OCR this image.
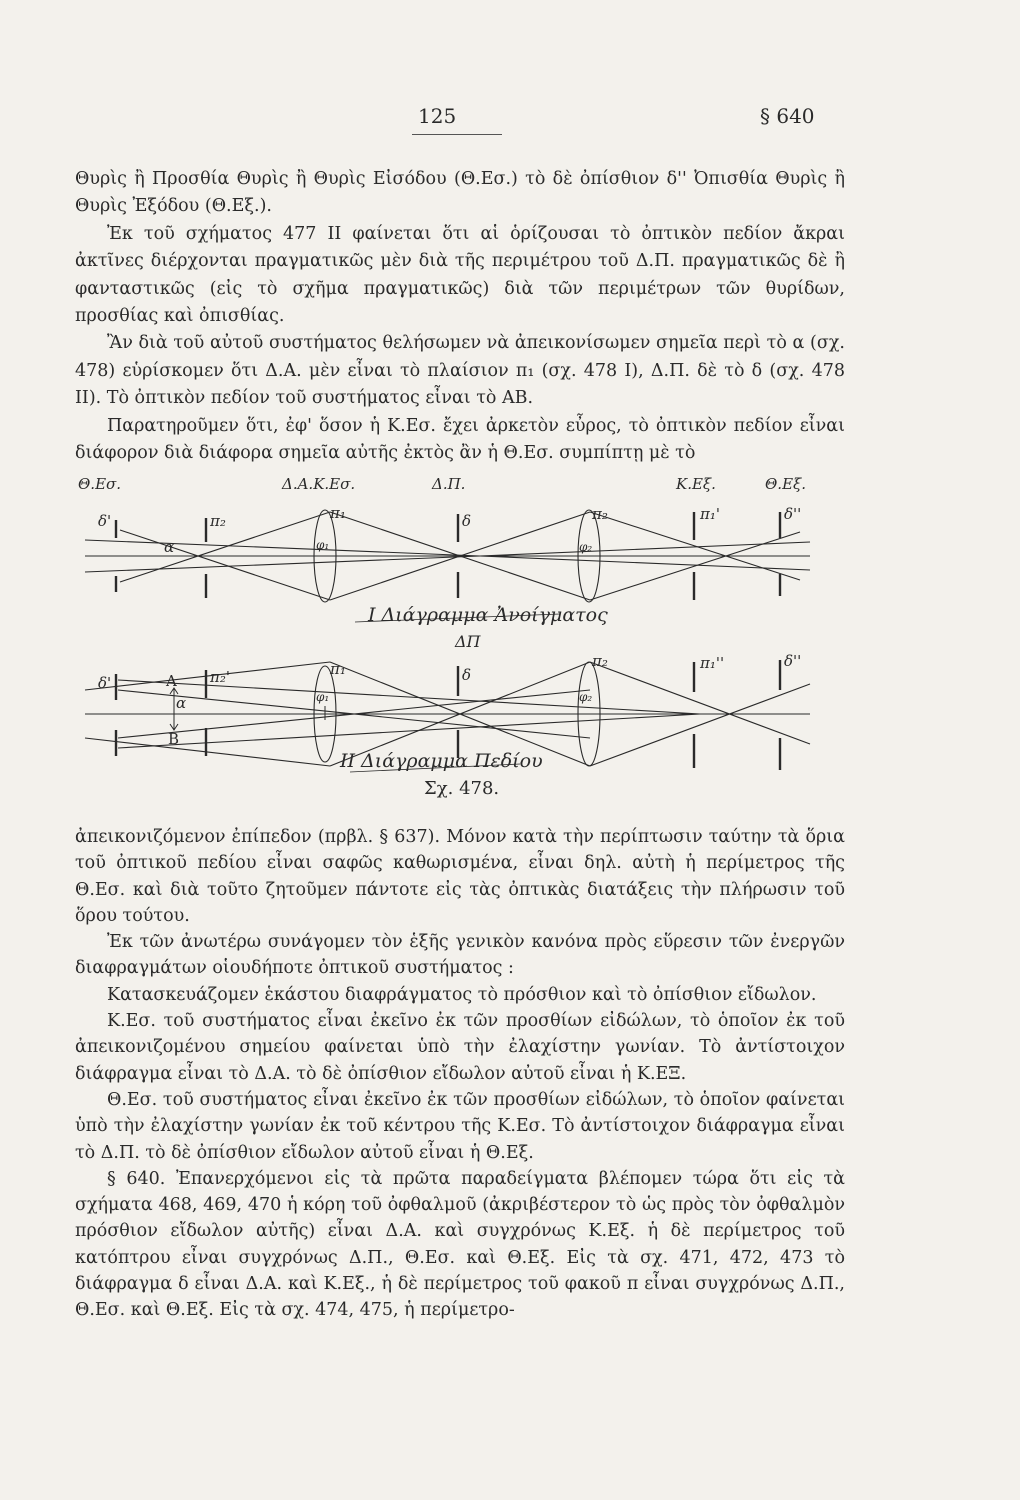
125	§ 640

Θυρὶς ἢ Προσθία Θυρὶς ἢ Θυρὶς Εἰσόδου (Θ.Εσ.) τὸ δὲ ὀπίσθιον δ'' Ὀπισθία Θυρὶς ἢ Θυρὶς Ἐξόδου (Θ.Εξ.).

Ἐκ τοῦ σχήματος 477 II φαίνεται ὅτι αἱ ὁρίζουσαι τὸ ὀπτικὸν πεδίον ἄκραι ἀκτῖνες διέρχονται πραγματικῶς μὲν διὰ τῆς περιμέτρου τοῦ Δ.Π. πραγματικῶς δὲ ἢ φανταστικῶς (εἰς τὸ σχῆμα πραγματικῶς) διὰ τῶν περιμέτρων τῶν θυρίδων, προσθίας καὶ ὀπισθίας.

Ἂν διὰ τοῦ αὐτοῦ συστήματος θελήσωμεν νὰ ἀπεικονίσωμεν σημεῖα περὶ τὸ α (σχ. 478) εὑρίσκομεν ὅτι Δ.Α. μὲν εἶναι τὸ πλαίσιον π₁ (σχ. 478 I), Δ.Π. δὲ τὸ δ (σχ. 478 II). Τὸ ὀπτικὸν πεδίον τοῦ συστήματος εἶναι τὸ ΑΒ.

Παρατηροῦμεν ὅτι, ἐφ' ὅσον ἡ Κ.Εσ. ἔχει ἀρκετὸν εὖρος, τὸ ὀπτικὸν πεδίον εἶναι διάφορον διὰ διάφορα σημεῖα αὐτῆς ἐκτὸς ἂν ἡ Θ.Εσ. συμπίπτῃ μὲ τὸ

Θ.Εσ.	Δ.Α.Κ.Εσ.	Δ.Π.	Κ.Εξ.	Θ.Εξ.
δ'	π₂	π₁	δ	π₂	π₁'	δ''
α	φ₁	φ₂
I Διάγραμμα Ἀνοίγματος
ΔΠ
δ'	π₂'	π₁	δ
π₂	π₁''	δ''
A
α
B
φ₁	φ₂
II Διάγραμμα Πεδίου
Σχ. 478.

ἀπεικονιζόμενον ἐπίπεδον (πρβλ. § 637). Μόνον κατὰ τὴν περίπτωσιν ταύτην τὰ ὅρια τοῦ ὀπτικοῦ πεδίου εἶναι σαφῶς καθωρισμένα, εἶναι δηλ. αὐτὴ ἡ περίμετρος τῆς Θ.Εσ. καὶ διὰ τοῦτο ζητοῦμεν πάντοτε εἰς τὰς ὀπτικὰς διατάξεις τὴν πλήρωσιν τοῦ ὅρου τούτου.

Ἐκ τῶν ἀνωτέρω συνάγομεν τὸν ἑξῆς γενικὸν κανόνα πρὸς εὕρεσιν τῶν ἐνεργῶν διαφραγμάτων οἱουδήποτε ὀπτικοῦ συστήματος :

Κατασκευάζομεν ἑκάστου διαφράγματος τὸ πρόσθιον καὶ τὸ ὀπίσθιον εἴδωλον.

Κ.Εσ. τοῦ συστήματος εἶναι ἐκεῖνο ἐκ τῶν προσθίων εἰδώλων, τὸ ὁποῖον ἐκ τοῦ ἀπεικονιζομένου σημείου φαίνεται ὑπὸ τὴν ἐλαχίστην γωνίαν. Τὸ ἀντίστοιχον διάφραγμα εἶναι τὸ Δ.Α. τὸ δὲ ὀπίσθιον εἴδωλον αὐτοῦ εἶναι ἡ Κ.ΕΞ.

Θ.Εσ. τοῦ συστήματος εἶναι ἐκεῖνο ἐκ τῶν προσθίων εἰδώλων, τὸ ὁποῖον φαίνεται ὑπὸ τὴν ἐλαχίστην γωνίαν ἐκ τοῦ κέντρου τῆς Κ.Εσ. Τὸ ἀντίστοιχον διάφραγμα εἶναι τὸ Δ.Π. τὸ δὲ ὀπίσθιον εἴδωλον αὐτοῦ εἶναι ἡ Θ.Εξ.

§ 640. Ἐπανερχόμενοι εἰς τὰ πρῶτα παραδείγματα βλέπομεν τώρα ὅτι εἰς τὰ σχήματα 468, 469, 470 ἡ κόρη τοῦ ὀφθαλμοῦ (ἀκριβέστερον τὸ ὡς πρὸς τὸν ὀφθαλμὸν πρόσθιον εἴδωλον αὐτῆς) εἶναι Δ.Α. καὶ συγχρόνως Κ.Εξ. ἡ δὲ περίμετρος τοῦ κατόπτρου εἶναι συγχρόνως Δ.Π., Θ.Εσ. καὶ Θ.Εξ. Εἰς τὰ σχ. 471, 472, 473 τὸ διάφραγμα δ εἶναι Δ.Α. καὶ Κ.Εξ., ἡ δὲ περίμετρος τοῦ φακοῦ π εἶναι συγχρόνως Δ.Π., Θ.Εσ. καὶ Θ.Εξ. Εἰς τὰ σχ. 474, 475, ἡ περίμετρο-
